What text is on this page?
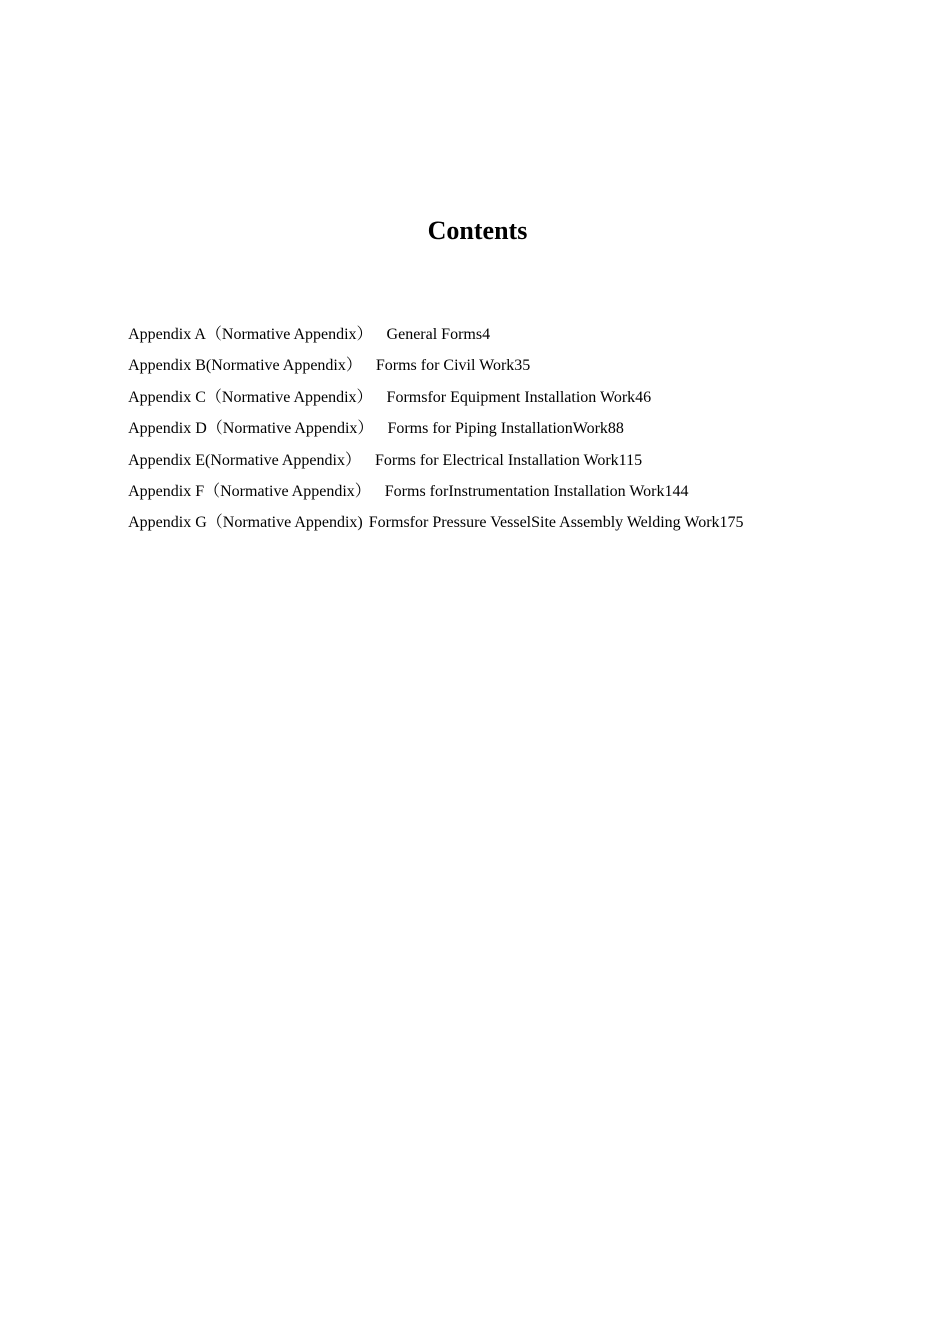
Contents

Appendix A（Normative Appendix） General Forms4

Appendix B(Normative Appendix） Forms for Civil Work35

Appendix C（Normative Appendix） Formsfor Equipment Installation Work46

Appendix D（Normative Appendix） Forms for Piping InstallationWork88

Appendix E(Normative Appendix） Forms for Electrical Installation Work115

Appendix F（Normative Appendix） Forms forInstrumentation Installation Work144

Appendix G（Normative Appendix) Formsfor Pressure VesselSite Assembly Welding Work175
